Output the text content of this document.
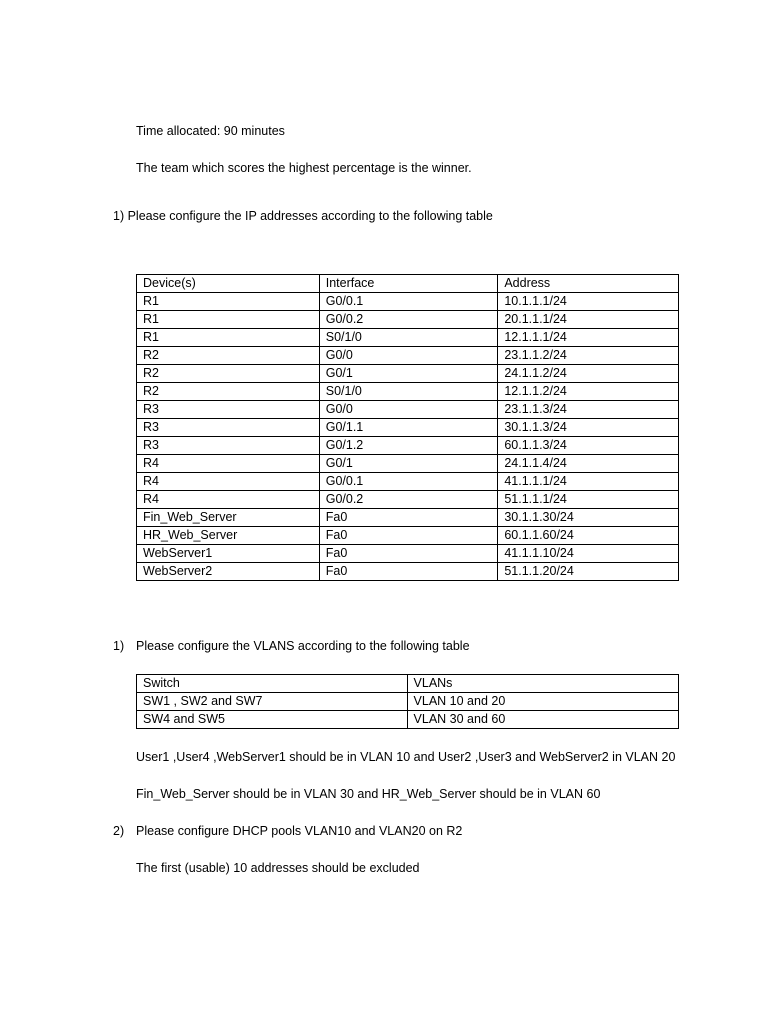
Time allocated: 90 minutes
The team which scores the highest percentage is the winner.
1) Please configure the IP addresses according to the following table
Device(s)	Interface	Address
R1	G0/0.1	10.1.1.1/24
R1	G0/0.2	20.1.1.1/24
R1	S0/1/0	12.1.1.1/24
R2	G0/0	23.1.1.2/24
R2	G0/1	24.1.1.2/24
R2	S0/1/0	12.1.1.2/24
R3	G0/0	23.1.1.3/24
R3	G0/1.1	30.1.1.3/24
R3	G0/1.2	60.1.1.3/24
R4	G0/1	24.1.1.4/24
R4	G0/0.1	41.1.1.1/24
R4	G0/0.2	51.1.1.1/24
Fin_Web_Server	Fa0	30.1.1.30/24
HR_Web_Server	Fa0	60.1.1.60/24
WebServer1	Fa0	41.1.1.10/24
WebServer2	Fa0	51.1.1.20/24
1) Please configure the VLANS according to the following table
Switch	VLANs
SW1 , SW2 and SW7	VLAN 10 and 20
SW4 and SW5	VLAN 30 and 60
User1 ,User4 ,WebServer1 should be in VLAN 10 and User2 ,User3 and WebServer2 in VLAN 20
Fin_Web_Server should be in VLAN 30 and HR_Web_Server should be in VLAN 60
2) Please configure DHCP pools VLAN10 and VLAN20 on R2
The first (usable) 10 addresses should be excluded
